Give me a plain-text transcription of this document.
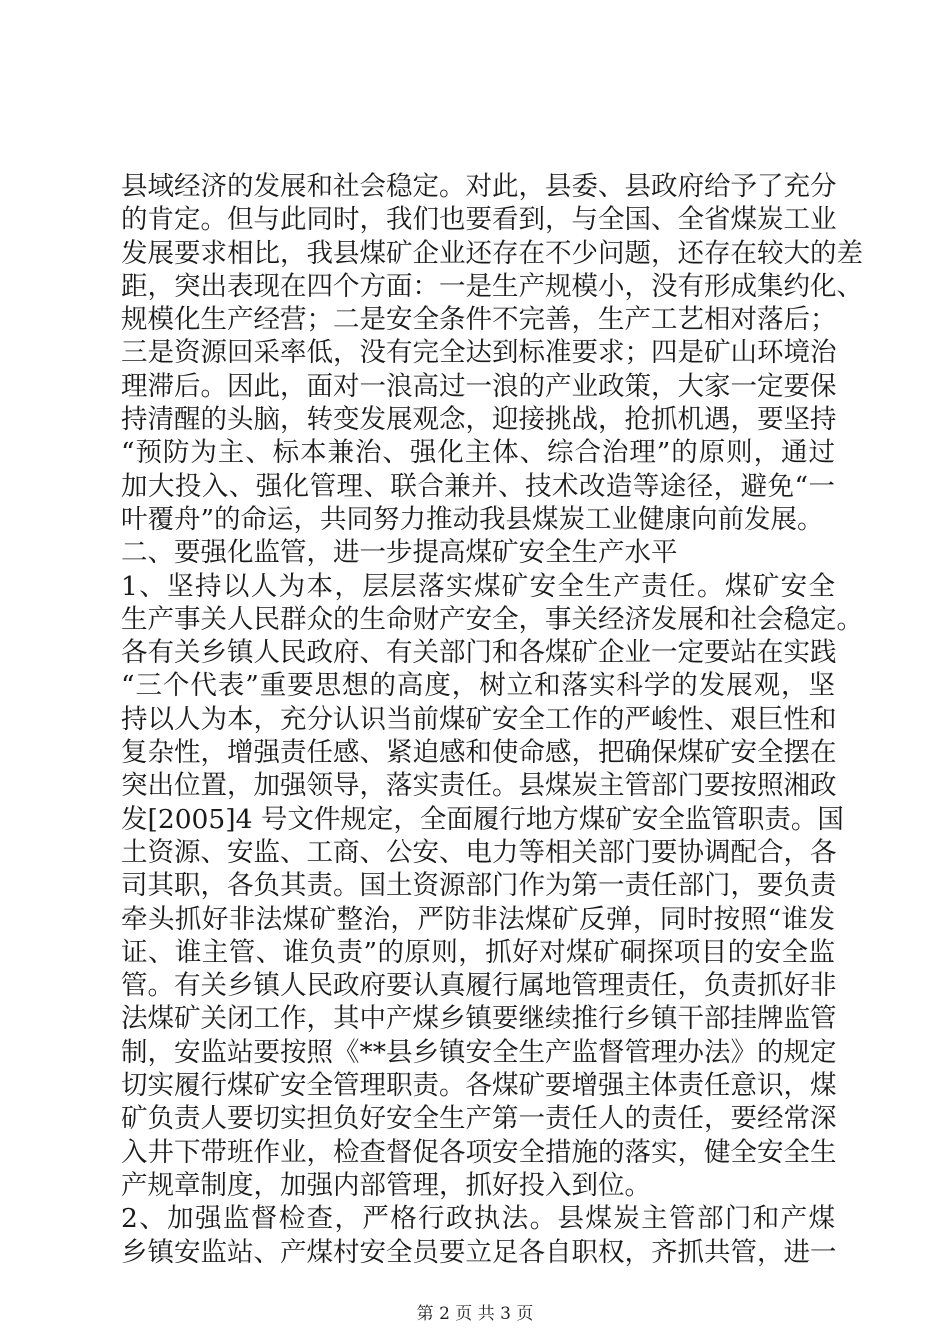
县域经济的发展和社会稳定。对此，县委、县政府给予了充分
的肯定。但与此同时，我们也要看到，与全国、全省煤炭工业
发展要求相比，我县煤矿企业还存在不少问题，还存在较大的差
距，突出表现在四个方面：一是生产规模小，没有形成集约化、
规模化生产经营；二是安全条件不完善，生产工艺相对落后；
三是资源回采率低，没有完全达到标准要求；四是矿山环境治
理滞后。因此，面对一浪高过一浪的产业政策，大家一定要保
持清醒的头脑，转变发展观念，迎接挑战，抢抓机遇，要坚持
“预防为主、标本兼治、强化主体、综合治理”的原则，通过
加大投入、强化管理、联合兼并、技术改造等途径，避免“一
叶覆舟”的命运，共同努力推动我县煤炭工业健康向前发展。
二、要强化监管，进一步提高煤矿安全生产水平
1、坚持以人为本，层层落实煤矿安全生产责任。煤矿安全
生产事关人民群众的生命财产安全，事关经济发展和社会稳定。
各有关乡镇人民政府、有关部门和各煤矿企业一定要站在实践
“三个代表”重要思想的高度，树立和落实科学的发展观，坚
持以人为本，充分认识当前煤矿安全工作的严峻性、艰巨性和
复杂性，增强责任感、紧迫感和使命感，把确保煤矿安全摆在
突出位置，加强领导，落实责任。县煤炭主管部门要按照湘政
发[2005]4 号文件规定，全面履行地方煤矿安全监管职责。国
土资源、安监、工商、公安、电力等相关部门要协调配合，各
司其职，各负其责。国土资源部门作为第一责任部门，要负责
牵头抓好非法煤矿整治，严防非法煤矿反弹，同时按照“谁发
证、谁主管、谁负责”的原则，抓好对煤矿硐探项目的安全监
管。有关乡镇人民政府要认真履行属地管理责任，负责抓好非
法煤矿关闭工作，其中产煤乡镇要继续推行乡镇干部挂牌监管
制，安监站要按照《**县乡镇安全生产监督管理办法》的规定
切实履行煤矿安全管理职责。各煤矿要增强主体责任意识，煤
矿负责人要切实担负好安全生产第一责任人的责任，要经常深
入井下带班作业，检查督促各项安全措施的落实，健全安全生
产规章制度，加强内部管理，抓好投入到位。
2、加强监督检查，严格行政执法。县煤炭主管部门和产煤
乡镇安监站、产煤村安全员要立足各自职权，齐抓共管，进一
第 2 页 共 3 页
